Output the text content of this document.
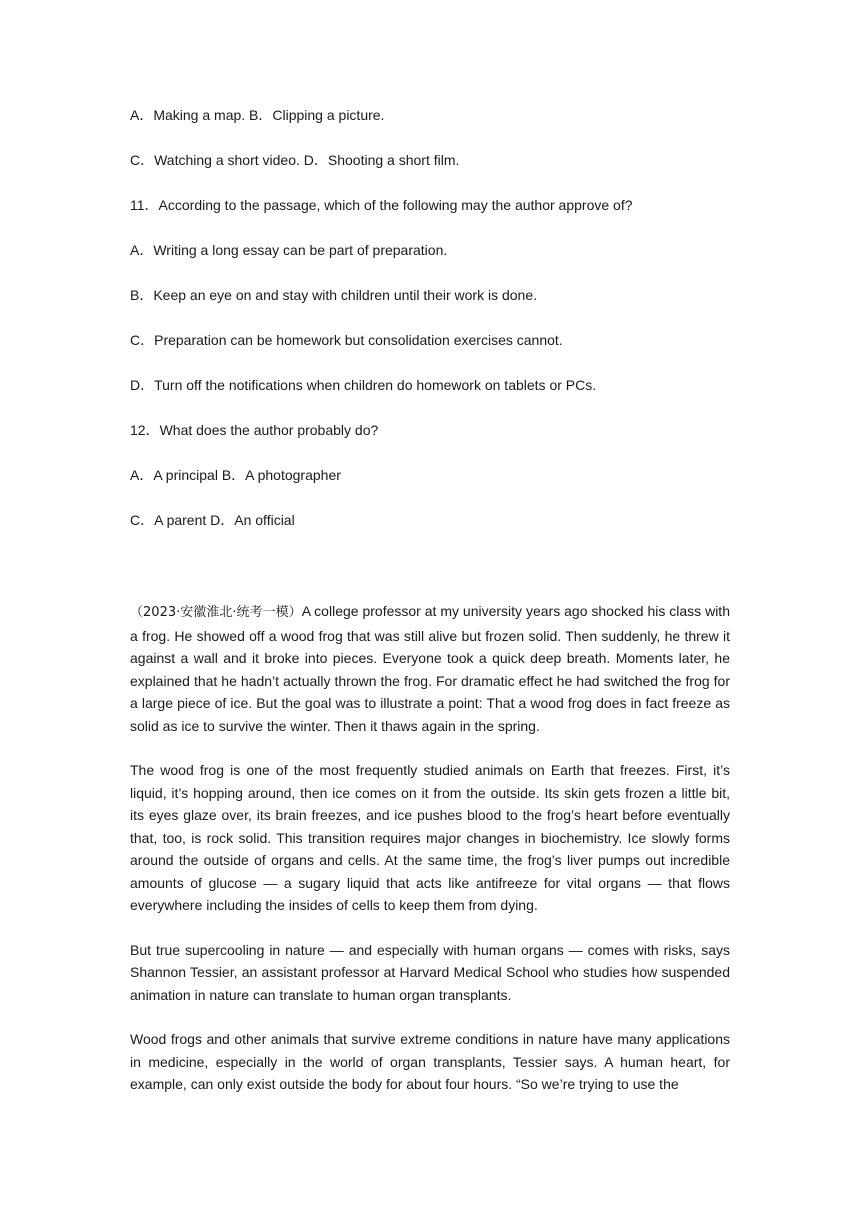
A．Making a map. B．Clipping a picture.
C．Watching a short video. D．Shooting a short film.
11．According to the passage, which of the following may the author approve of?
A．Writing a long essay can be part of preparation.
B．Keep an eye on and stay with children until their work is done.
C．Preparation can be homework but consolidation exercises cannot.
D．Turn off the notifications when children do homework on tablets or PCs.
12．What does the author probably do?
A．A principal B．A photographer
C．A parent D．An official

（2023·安徽淮北·统考一模）A college professor at my university years ago shocked his class with a frog. He showed off a wood frog that was still alive but frozen solid. Then suddenly, he threw it against a wall and it broke into pieces. Everyone took a quick deep breath. Moments later, he explained that he hadn’t actually thrown the frog. For dramatic effect he had switched the frog for a large piece of ice. But the goal was to illustrate a point: That a wood frog does in fact freeze as solid as ice to survive the winter. Then it thaws again in the spring.

The wood frog is one of the most frequently studied animals on Earth that freezes. First, it’s liquid, it’s hopping around, then ice comes on it from the outside. Its skin gets frozen a little bit, its eyes glaze over, its brain freezes, and ice pushes blood to the frog’s heart before eventually that, too, is rock solid. This transition requires major changes in biochemistry. Ice slowly forms around the outside of organs and cells. At the same time, the frog’s liver pumps out incredible amounts of glucose — a sugary liquid that acts like antifreeze for vital organs — that flows everywhere including the insides of cells to keep them from dying.

But true supercooling in nature — and especially with human organs — comes with risks, says Shannon Tessier, an assistant professor at Harvard Medical School who studies how suspended animation in nature can translate to human organ transplants.

Wood frogs and other animals that survive extreme conditions in nature have many applications in medicine, especially in the world of organ transplants, Tessier says. A human heart, for example, can only exist outside the body for about four hours. “So we’re trying to use the
